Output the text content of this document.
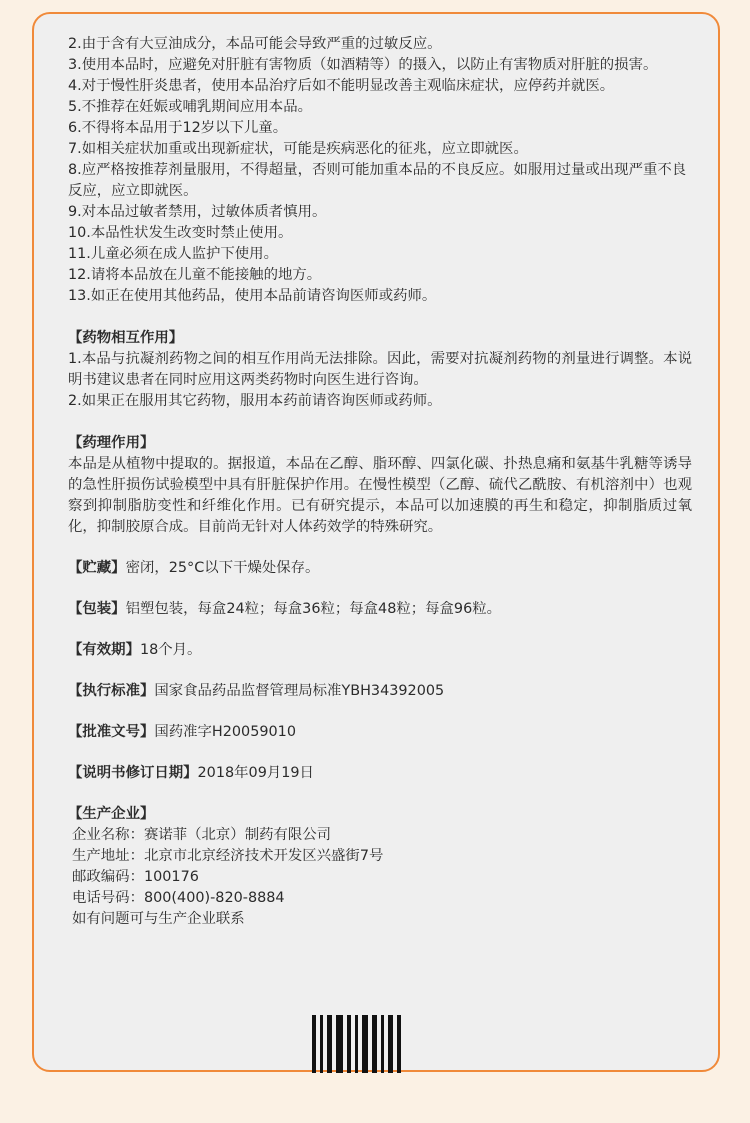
2.由于含有大豆油成分，本品可能会导致严重的过敏反应。

3.使用本品时，应避免对肝脏有害物质（如酒精等）的摄入，以防止有害物质对肝脏的损害。

4.对于慢性肝炎患者，使用本品治疗后如不能明显改善主观临床症状，应停药并就医。

5.不推荐在妊娠或哺乳期间应用本品。

6.不得将本品用于12岁以下儿童。

7.如相关症状加重或出现新症状，可能是疾病恶化的征兆，应立即就医。

8.应严格按推荐剂量服用，不得超量，否则可能加重本品的不良反应。如服用过量或出现严重不良反应，应立即就医。

9.对本品过敏者禁用，过敏体质者慎用。

10.本品性状发生改变时禁止使用。

11.儿童必须在成人监护下使用。

12.请将本品放在儿童不能接触的地方。

13.如正在使用其他药品，使用本品前请咨询医师或药师。

【药物相互作用】

1.本品与抗凝剂药物之间的相互作用尚无法排除。因此，需要对抗凝剂药物的剂量进行调整。本说明书建议患者在同时应用这两类药物时向医生进行咨询。

2.如果正在服用其它药物，服用本药前请咨询医师或药师。

【药理作用】

本品是从植物中提取的。据报道，本品在乙醇、脂环醇、四氯化碳、扑热息痛和氨基牛乳糖等诱导的急性肝损伤试验模型中具有肝脏保护作用。在慢性模型（乙醇、硫代乙酰胺、有机溶剂中）也观察到抑制脂肪变性和纤维化作用。已有研究提示，本品可以加速膜的再生和稳定，抑制脂质过氧化，抑制胶原合成。目前尚无针对人体药效学的特殊研究。

【贮藏】密闭，25°C以下干燥处保存。

【包装】铝塑包装，每盒24粒；每盒36粒；每盒48粒；每盒96粒。

【有效期】18个月。

【执行标准】国家食品药品监督管理局标准YBH34392005

【批准文号】国药准字H20059010

【说明书修订日期】2018年09月19日

【生产企业】

企业名称：赛诺菲（北京）制药有限公司

生产地址：北京市北京经济技术开发区兴盛街7号

邮政编码：100176

电话号码：800(400)-820-8884

如有问题可与生产企业联系
